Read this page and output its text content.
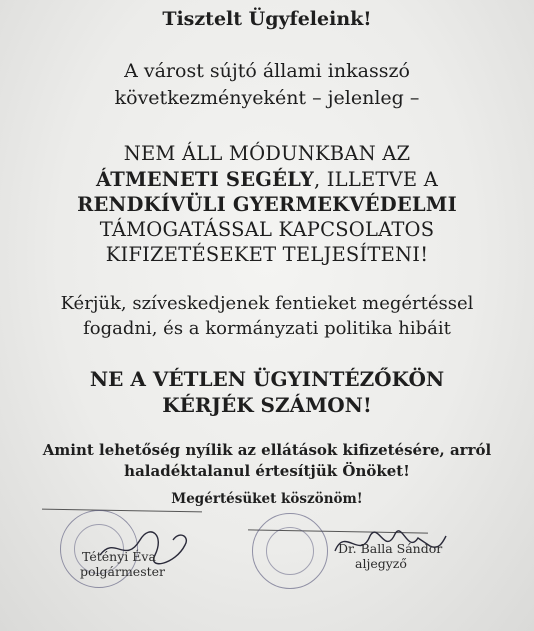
Tisztelt Ügyfeleink!
A várost sújtó állami inkasszó
következményeként – jelenleg –
NEM ÁLL MÓDUNKBAN AZ
ÁTMENETI SEGÉLY, ILLETVE A
RENDKÍVÜLI GYERMEKVÉDELMI
TÁMOGATÁSSAL KAPCSOLATOS
KIFIZETÉSEKET TELJESÍTENI!
Kérjük, szíveskedjenek fentieket megértéssel
fogadni, és a kormányzati politika hibáit
NE A VÉTLEN ÜGYINTÉZŐKÖN
KÉRJÉK SZÁMON!
Amint lehetőség nyílik az ellátások kifizetésére, arról
haladéktalanul értesítjük Önöket!
Megértésüket köszönöm!
Tétényi Éva
polgármester
Dr. Balla Sándor
aljegyző
